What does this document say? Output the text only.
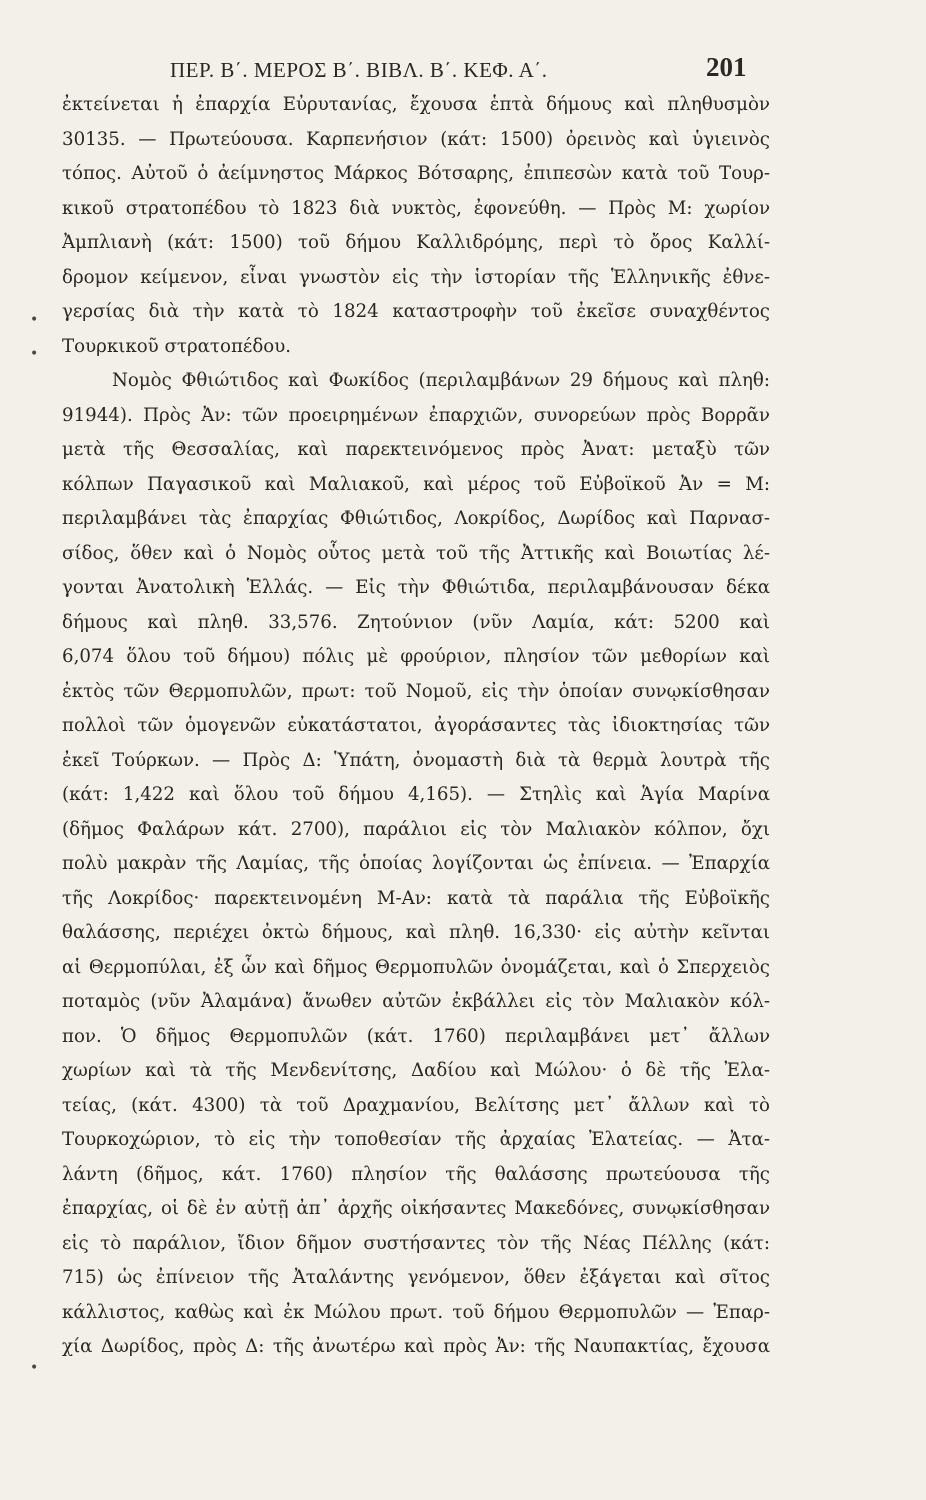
ΠΕΡ. Β΄. ΜΕΡΟΣ Β΄. ΒΙΒΛ. Β΄. ΚΕΦ. Α΄.	201
•
•
•
ἐκτείνεται ἡ ἐπαρχία Εὐρυτανίας, ἔχουσα ἑπτὰ δήμους καὶ πληθυσμὸν
30135. — Πρωτεύουσα. Καρπενήσιον (κάτ: 1500) ὀρεινὸς καὶ ὑγιεινὸς
τόπος. Αὐτοῦ ὁ ἀείμνηστος Μάρκος Βότσαρης, ἐπιπεσὼν κατὰ τοῦ Τουρ-
κικοῦ στρατοπέδου τὸ 1823 διὰ νυκτὸς, ἐφονεύθη. — Πρὸς Μ: χωρίον
Ἀμπλιανὴ (κάτ: 1500) τοῦ δήμου Καλλιδρόμης, περὶ τὸ ὄρος Καλλί-
δρομον κείμενον, εἶναι γνωστὸν εἰς τὴν ἱστορίαν τῆς Ἑλληνικῆς ἐθνε-
γερσίας διὰ τὴν κατὰ τὸ 1824 καταστροφὴν τοῦ ἐκεῖσε συναχθέντος
Τουρκικοῦ στρατοπέδου.
Νομὸς Φθιώτιδος καὶ Φωκίδος (περιλαμβάνων 29 δήμους καὶ πληθ:
91944). Πρὸς Ἀν: τῶν προειρημένων ἐπαρχιῶν, συνορεύων πρὸς Βορρᾶν
μετὰ τῆς Θεσσαλίας, καὶ παρεκτεινόμενος πρὸς Ἀνατ: μεταξὺ τῶν
κόλπων Παγασικοῦ καὶ Μαλιακοῦ, καὶ μέρος τοῦ Εὐβοϊκοῦ Ἀν = Μ:
περιλαμβάνει τὰς ἐπαρχίας Φθιώτιδος, Λοκρίδος, Δωρίδος καὶ Παρνασ-
σίδος, ὅθεν καὶ ὁ Νομὸς οὗτος μετὰ τοῦ τῆς Ἀττικῆς καὶ Βοιωτίας λέ-
γονται Ἀνατολικὴ Ἑλλάς. — Εἰς τὴν Φθιώτιδα, περιλαμβάνουσαν δέκα
δήμους καὶ πληθ. 33,576. Ζητούνιον (νῦν Λαμία, κάτ: 5200 καὶ
6,074 ὅλου τοῦ δήμου) πόλις μὲ φρούριον, πλησίον τῶν μεθορίων καὶ
ἐκτὸς τῶν Θερμοπυλῶν, πρωτ: τοῦ Νομοῦ, εἰς τὴν ὁποίαν συνῳκίσθησαν
πολλοὶ τῶν ὁμογενῶν εὐκατάστατοι, ἀγοράσαντες τὰς ἰδιοκτησίας τῶν
ἐκεῖ Τούρκων. — Πρὸς Δ: Ὑπάτη, ὀνομαστὴ διὰ τὰ θερμὰ λουτρὰ τῆς
(κάτ: 1,422 καὶ ὅλου τοῦ δήμου 4,165). — Στηλὶς καὶ Ἁγία Μαρίνα
(δῆμος Φαλάρων κάτ. 2700), παράλιοι εἰς τὸν Μαλιακὸν κόλπον, ὄχι
πολὺ μακρὰν τῆς Λαμίας, τῆς ὁποίας λογίζονται ὡς ἐπίνεια. — Ἐπαρχία
τῆς Λοκρίδος· παρεκτεινομένη Μ-Αν: κατὰ τὰ παράλια τῆς Εὐβοϊκῆς
θαλάσσης, περιέχει ὀκτὼ δήμους, καὶ πληθ. 16,330· εἰς αὐτὴν κεῖνται
αἱ Θερμοπύλαι, ἐξ ὧν καὶ δῆμος Θερμοπυλῶν ὀνομάζεται, καὶ ὁ Σπερχειὸς
ποταμὸς (νῦν Ἀλαμάνα) ἄνωθεν αὐτῶν ἐκβάλλει εἰς τὸν Μαλιακὸν κόλ-
πον. Ὁ δῆμος Θερμοπυλῶν (κάτ. 1760) περιλαμβάνει μετ᾽ ἄλλων
χωρίων καὶ τὰ τῆς Μενδενίτσης, Δαδίου καὶ Μώλου· ὁ δὲ τῆς Ἐλα-
τείας, (κάτ. 4300) τὰ τοῦ Δραχμανίου, Βελίτσης μετ᾽ ἄλλων καὶ τὸ
Τουρκοχώριον, τὸ εἰς τὴν τοποθεσίαν τῆς ἀρχαίας Ἐλατείας. — Ἀτα-
λάντη (δῆμος, κάτ. 1760) πλησίον τῆς θαλάσσης πρωτεύουσα τῆς
ἐπαρχίας, οἱ δὲ ἐν αὐτῇ ἀπ᾽ ἀρχῆς οἰκήσαντες Μακεδόνες, συνῳκίσθησαν
εἰς τὸ παράλιον, ἴδιον δῆμον συστήσαντες τὸν τῆς Νέας Πέλλης (κάτ:
715) ὡς ἐπίνειον τῆς Ἀταλάντης γενόμενον, ὅθεν ἐξάγεται καὶ σῖτος
κάλλιστος, καθὼς καὶ ἐκ Μώλου πρωτ. τοῦ δήμου Θερμοπυλῶν — Ἐπαρ-
χία Δωρίδος, πρὸς Δ: τῆς ἀνωτέρω καὶ πρὸς Ἀν: τῆς Ναυπακτίας, ἔχουσα
